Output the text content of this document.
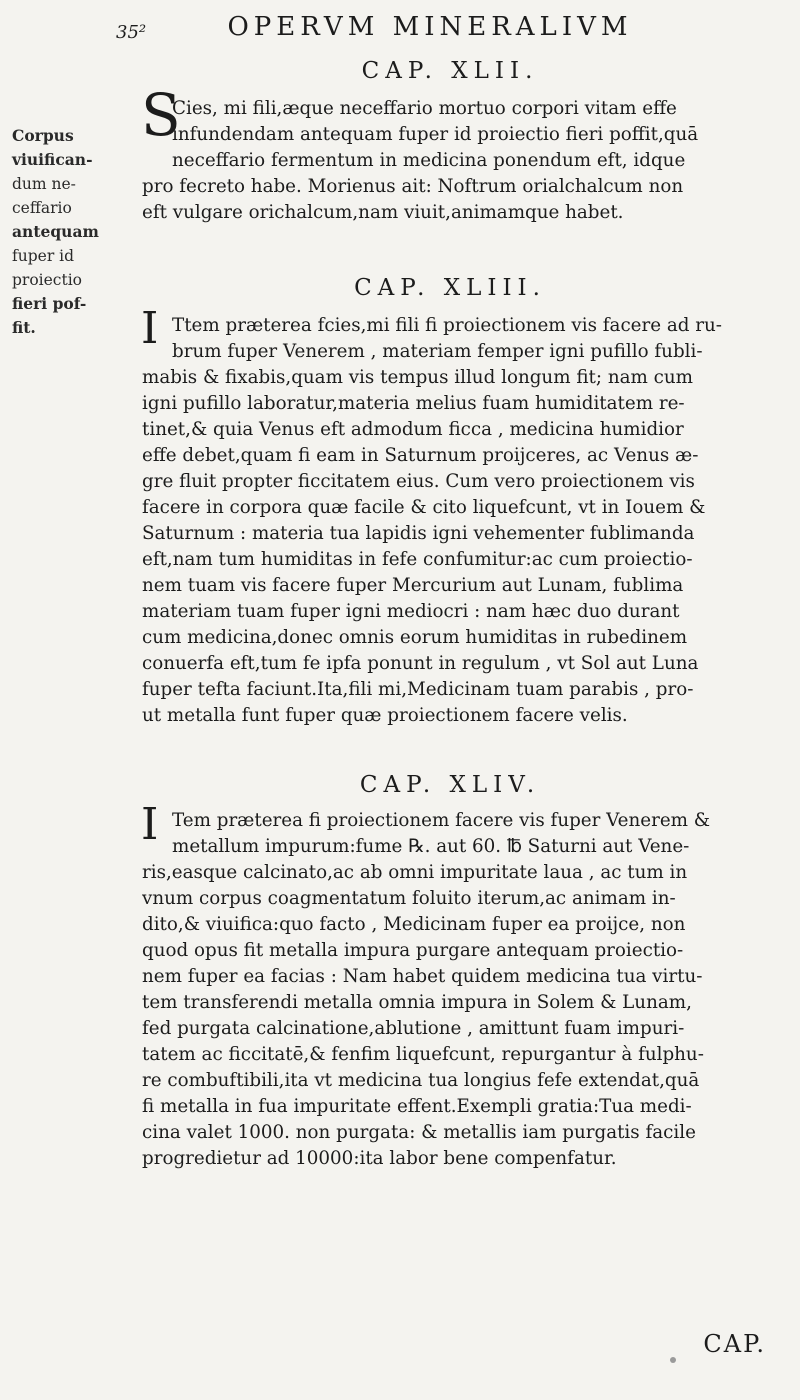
35²	OPERVM MINERALIVM
Corpus
viuifican-
dum ne-
ceffario
antequam
fuper id
proiectio
fieri pof-
fit.
CAP. XLII.
S
Cies, mi fili,æque neceffario mortuo corpori vitam effe
infundendam antequam fuper id proiectio fieri poffit,quā
neceffario fermentum in medicina ponendum eft, idque
pro fecreto habe. Morienus ait: Noftrum orialchalcum non
eft vulgare orichalcum,nam viuit,animamque habet.
CAP. XLIII.
I Ttem præterea fcies,mi fili fi proiectionem vis facere ad ru-
brum fuper Venerem , materiam femper igni pufillo fubli-
mabis & fixabis,quam vis tempus illud longum fit; nam cum
igni pufillo laboratur,materia melius fuam humiditatem re-
tinet,& quia Venus eft admodum ficca , medicina humidior
effe debet,quam fi eam in Saturnum proijceres, ac Venus æ-
gre fluit propter ficcitatem eius. Cum vero proiectionem vis
facere in corpora quæ facile & cito liquefcunt, vt in Iouem &
Saturnum : materia tua lapidis igni vehementer fublimanda
eft,nam tum humiditas in fefe confumitur:ac cum proiectio-
nem tuam vis facere fuper Mercurium aut Lunam, fublima
materiam tuam fuper igni mediocri : nam hæc duo durant
cum medicina,donec omnis eorum humiditas in rubedinem
conuerfa eft,tum fe ipfa ponunt in regulum , vt Sol aut Luna
fuper tefta faciunt.Ita,fili mi,Medicinam tuam parabis , pro-
ut metalla funt fuper quæ proiectionem facere velis.
CAP. XLIV.
I Tem præterea fi proiectionem facere vis fuper Venerem &
metallum impurum:fume ℞. aut 60. ℔ Saturni aut Vene-
ris,easque calcinato,ac ab omni impuritate laua , ac tum in
vnum corpus coagmentatum foluito iterum,ac animam in-
dito,& viuifica:quo facto , Medicinam fuper ea proijce, non
quod opus fit metalla impura purgare antequam proiectio-
nem fuper ea facias : Nam habet quidem medicina tua virtu-
tem transferendi metalla omnia impura in Solem & Lunam,
fed purgata calcinatione,ablutione , amittunt fuam impuri-
tatem ac ficcitatē,& fenfim liquefcunt, repurgantur à fulphu-
re combuftibili,ita vt medicina tua longius fefe extendat,quā
fi metalla in fua impuritate effent.Exempli gratia:Tua medi-
cina valet 1000. non purgata: & metallis iam purgatis facile
progredietur ad 10000:ita labor bene compenfatur.
CAP.
